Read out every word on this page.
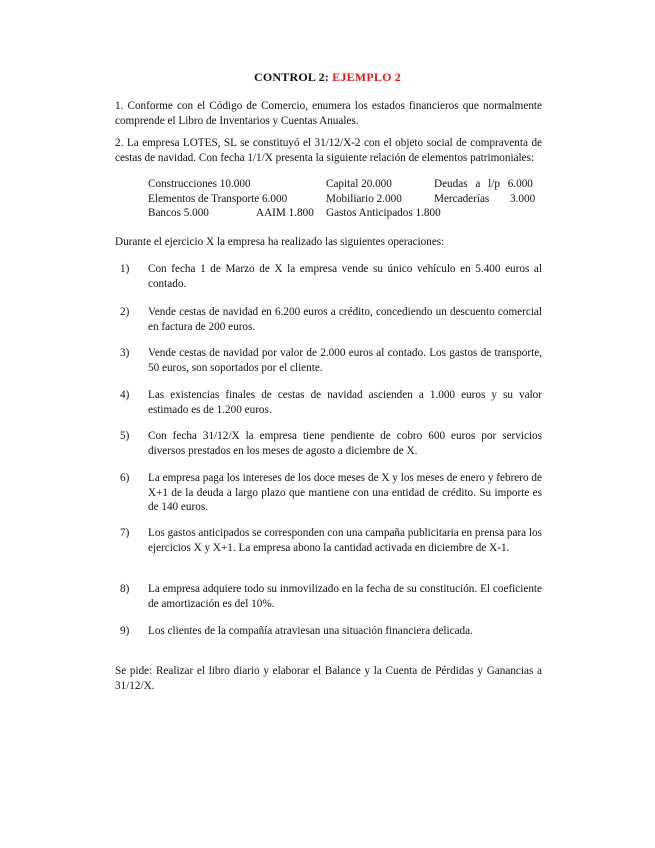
CONTROL 2: EJEMPLO 2
1. Conforme con el Código de Comercio, enumera los estados financieros que normalmente comprende el Libro de Inventarios y Cuentas Anuales.
2. La empresa LOTES, SL se constituyó el 31/12/X-2 con el objeto social de compraventa de cestas de navidad. Con fecha 1/1/X presenta la siguiente relación de elementos patrimoniales:
Construcciones 10.000	Capital 20.000	Deudas a l/p 6.000
Elementos de Transporte 6.000	Mobiliario 2.000	Mercaderías 3.000
Bancos 5.000	AAIM 1.800 Gastos Anticipados 1.800
Durante el ejercicio X la empresa ha realizado las siguientes operaciones:
1) Con fecha 1 de Marzo de X la empresa vende su único vehículo en 5.400 euros al contado.
2) Vende cestas de navidad en 6.200 euros a crédito, concediendo un descuento comercial en factura de 200 euros.
3) Vende cestas de navidad por valor de 2.000 euros al contado. Los gastos de transporte, 50 euros, son soportados por el cliente.
4) Las existencias finales de cestas de navidad ascienden a 1.000 euros y su valor estimado es de 1.200 euros.
5) Con fecha 31/12/X la empresa tiene pendiente de cobro 600 euros por servicios diversos prestados en los meses de agosto a diciembre de X.
6) La empresa paga los intereses de los doce meses de X y los meses de enero y febrero de X+1 de la deuda a largo plazo que mantiene con una entidad de crédito. Su importe es de 140 euros.
7) Los gastos anticipados se corresponden con una campaña publicitaria en prensa para los ejercicios X y X+1. La empresa abono la cantidad activada en diciembre de X-1.
8) La empresa adquiere todo su inmovilizado en la fecha de su constitución. El coeficiente de amortización es del 10%.
9) Los clientes de la compañía atraviesan una situación financiera delicada.
Se pide: Realizar el libro diario y elaborar el Balance y la Cuenta de Pérdidas y Ganancias a 31/12/X.
